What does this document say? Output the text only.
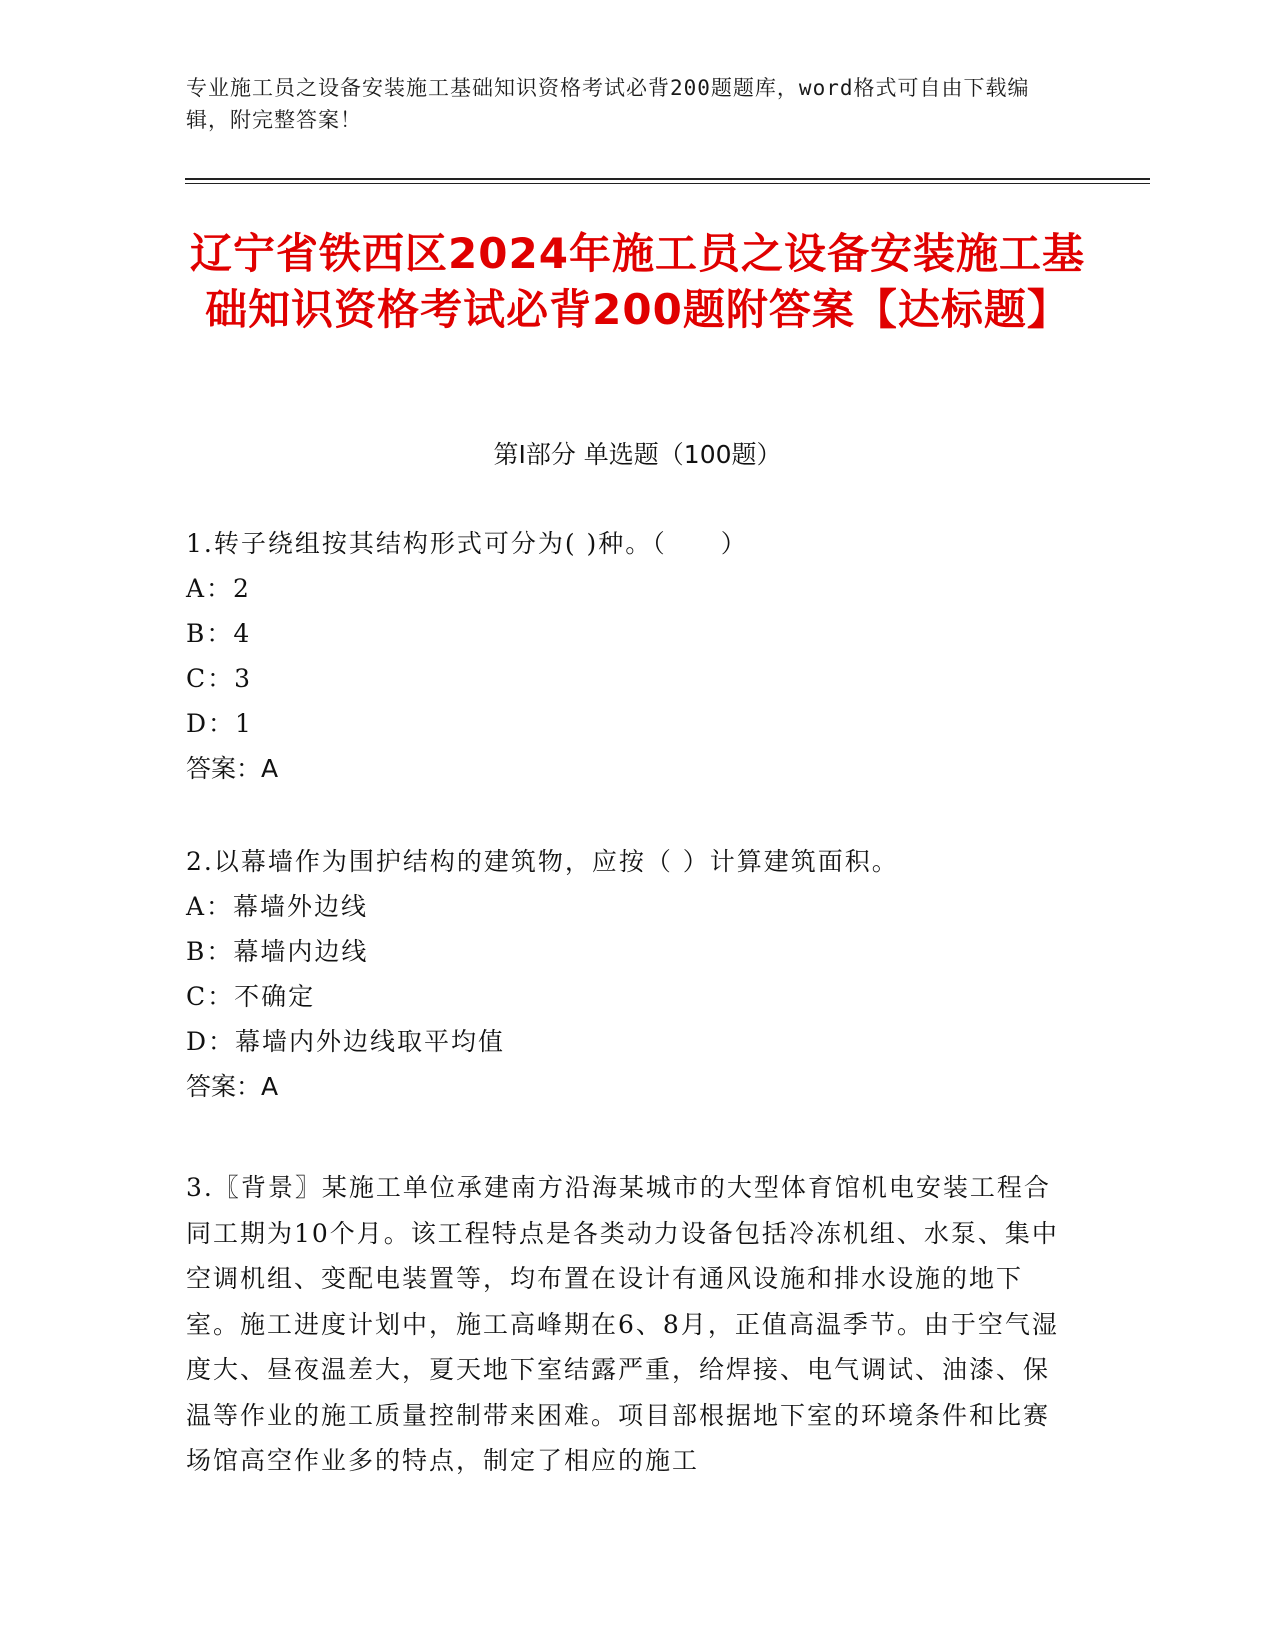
专业施工员之设备安装施工基础知识资格考试必背200题题库，word格式可自由下载编辑，附完整答案！
辽宁省铁西区2024年施工员之设备安装施工基础知识资格考试必背200题附答案【达标题】
第Ⅰ部分 单选题（100题）
1.转子绕组按其结构形式可分为( )种。（　　）
A：2
B：4
C：3
D：1
答案：A
2.以幕墙作为围护结构的建筑物，应按（ ）计算建筑面积。
A：幕墙外边线
B：幕墙内边线
C：不确定
D：幕墙内外边线取平均值
答案：A
3.〖背景〗某施工单位承建南方沿海某城市的大型体育馆机电安装工程合同工期为10个月。该工程特点是各类动力设备包括冷冻机组、水泵、集中空调机组、变配电装置等，均布置在设计有通风设施和排水设施的地下室。施工进度计划中，施工高峰期在6、8月，正值高温季节。由于空气湿度大、昼夜温差大，夏天地下室结露严重，给焊接、电气调试、油漆、保温等作业的施工质量控制带来困难。项目部根据地下室的环境条件和比赛场馆高空作业多的特点，制定了相应的施工
